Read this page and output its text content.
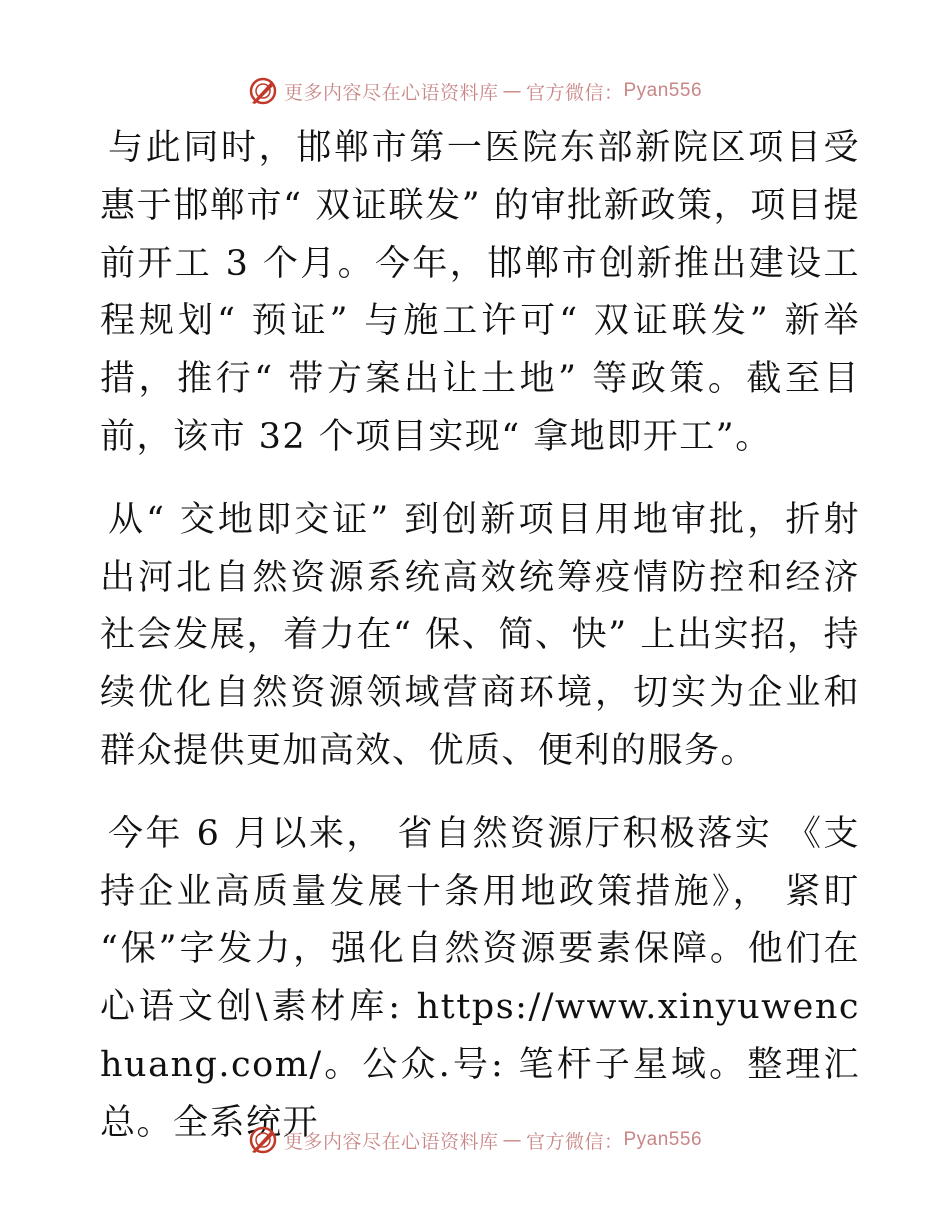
更多内容尽在心语资料库 — 官方微信： Pyan556

与此同时，邯郸市第一医院东部新院区项目受惠于邯郸市“ 双证联发” 的审批新政策，项目提前开工 3 个月。今年，邯郸市创新推出建设工程规划“ 预证” 与施工许可“ 双证联发” 新举措，推行“ 带方案出让土地” 等政策。截至目前，该市 32 个项目实现“ 拿地即开工”。

从“ 交地即交证” 到创新项目用地审批，折射出河北自然资源系统高效统筹疫情防控和经济社会发展，着力在“ 保、简、快” 上出实招，持续优化自然资源领域营商环境，切实为企业和群众提供更加高效、优质、便利的服务。

今年 6 月以来， 省自然资源厅积极落实 《支持企业高质量发展十条用地政策措施》， 紧盯 “保”字发力，强化自然资源要素保障。他们在心语文创\素材库: https://www.xinyuwenchuang.com/。公众.号: 笔杆子星域。整理汇总。全系统开

更多内容尽在心语资料库 — 官方微信： Pyan556
